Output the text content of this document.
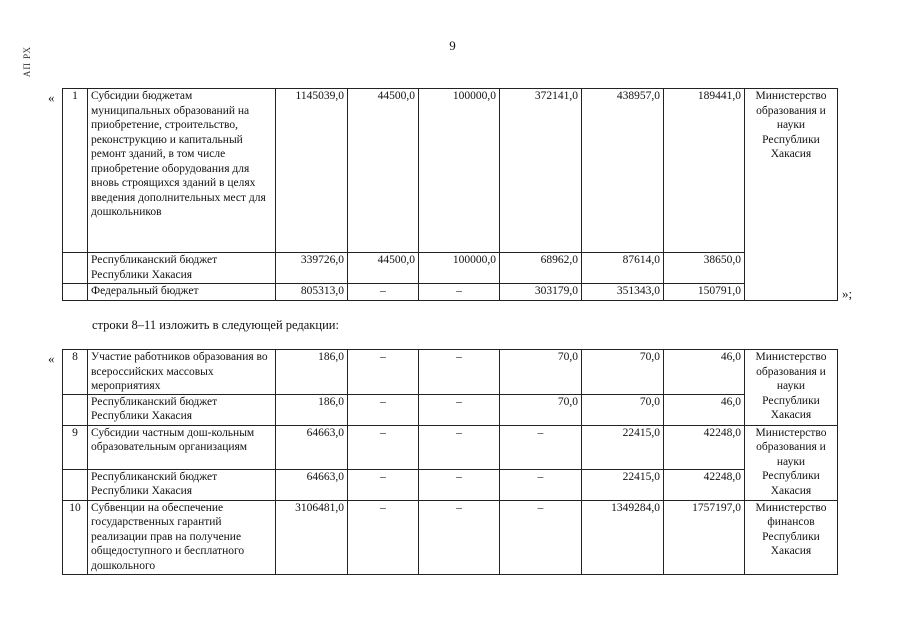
9
АП РХ
« 1	Субсидии бюджетам муниципальных образований на приобретение, строительство, реконструкцию и капитальный ремонт зданий, в том числе приобретение оборудования для вновь строящихся зданий в целях введения дополнительных мест для дошкольников	1145039,0	44500,0	100000,0	372141,0	438957,0	189441,0	Министерство образования и науки Республики Хакасия
	Республиканский бюджет Республики Хакасия	339726,0	44500,0	100000,0	68962,0	87614,0	38650,0	
	Федеральный бюджет	805313,0	–	–	303179,0	351343,0	150791,0		»;
строки 8–11 изложить в следующей редакции:
« 8	Участие работников образования во всероссийских массовых мероприятиях	186,0	–	–	70,0	70,0	46,0	Министерство образования и науки Республики Хакасия
	Республиканский бюджет Республики Хакасия	186,0	–	–	70,0	70,0	46,0	
9	Субсидии частным дош-кольным образовательным организациям	64663,0	–	–	–	22415,0	42248,0	Министерство образования и науки Республики Хакасия
	Республиканский бюджет Республики Хакасия	64663,0	–	–	–	22415,0	42248,0	
10	Субвенции на обеспечение государственных гарантий реализации прав на получение общедоступного и бесплатного дошкольного	3106481,0	–	–	–	1349284,0	1757197,0	Министерство финансов Республики Хакасия
